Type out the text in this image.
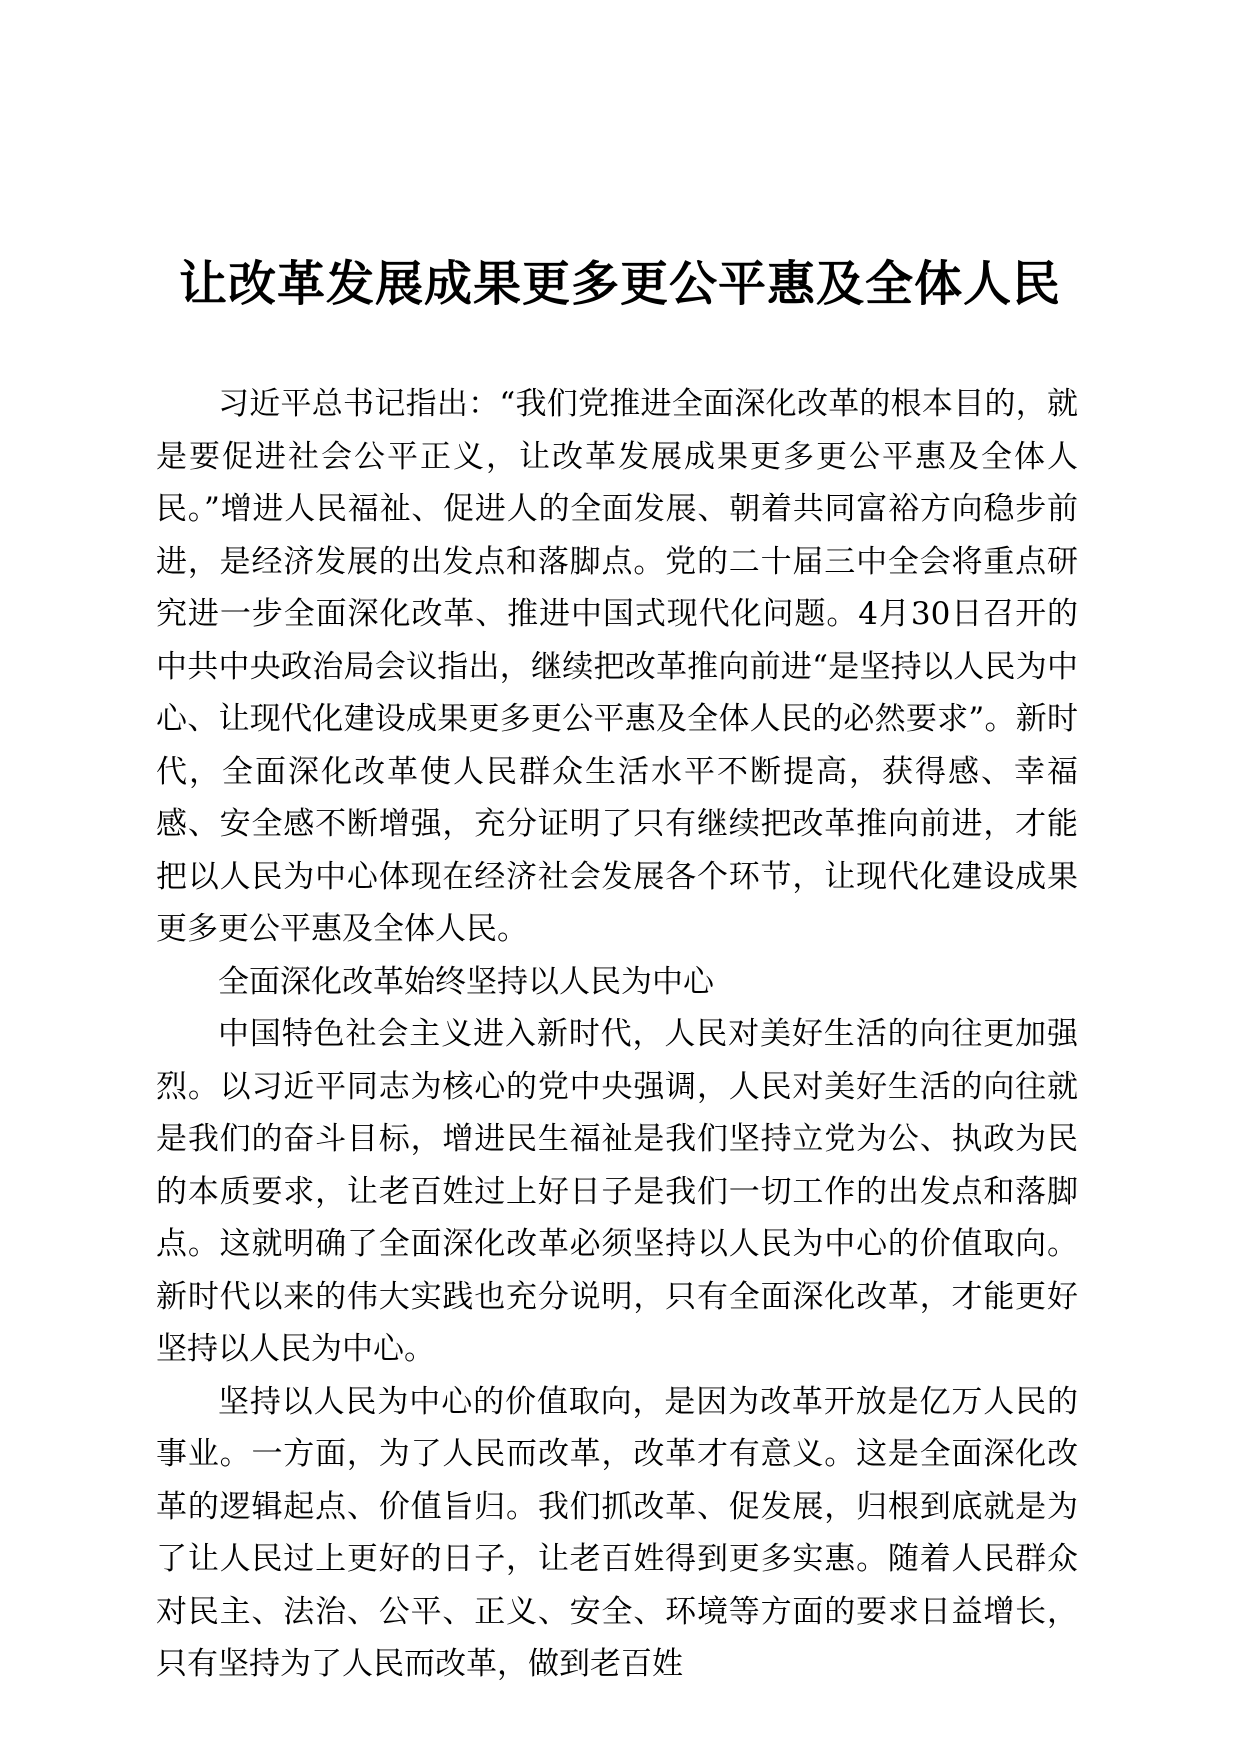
让改革发展成果更多更公平惠及全体人民

习近平总书记指出：“我们党推进全面深化改革的根本目的，就是要促进社会公平正义，让改革发展成果更多更公平惠及全体人民。”增进人民福祉、促进人的全面发展、朝着共同富裕方向稳步前进，是经济发展的出发点和落脚点。党的二十届三中全会将重点研究进一步全面深化改革、推进中国式现代化问题。4月30日召开的中共中央政治局会议指出，继续把改革推向前进“是坚持以人民为中心、让现代化建设成果更多更公平惠及全体人民的必然要求”。新时代，全面深化改革使人民群众生活水平不断提高，获得感、幸福感、安全感不断增强，充分证明了只有继续把改革推向前进，才能把以人民为中心体现在经济社会发展各个环节，让现代化建设成果更多更公平惠及全体人民。

全面深化改革始终坚持以人民为中心

中国特色社会主义进入新时代，人民对美好生活的向往更加强烈。以习近平同志为核心的党中央强调，人民对美好生活的向往就是我们的奋斗目标，增进民生福祉是我们坚持立党为公、执政为民的本质要求，让老百姓过上好日子是我们一切工作的出发点和落脚点。这就明确了全面深化改革必须坚持以人民为中心的价值取向。新时代以来的伟大实践也充分说明，只有全面深化改革，才能更好坚持以人民为中心。

坚持以人民为中心的价值取向，是因为改革开放是亿万人民的事业。一方面，为了人民而改革，改革才有意义。这是全面深化改革的逻辑起点、价值旨归。我们抓改革、促发展，归根到底就是为了让人民过上更好的日子，让老百姓得到更多实惠。随着人民群众对民主、法治、公平、正义、安全、环境等方面的要求日益增长，只有坚持为了人民而改革，做到老百姓
